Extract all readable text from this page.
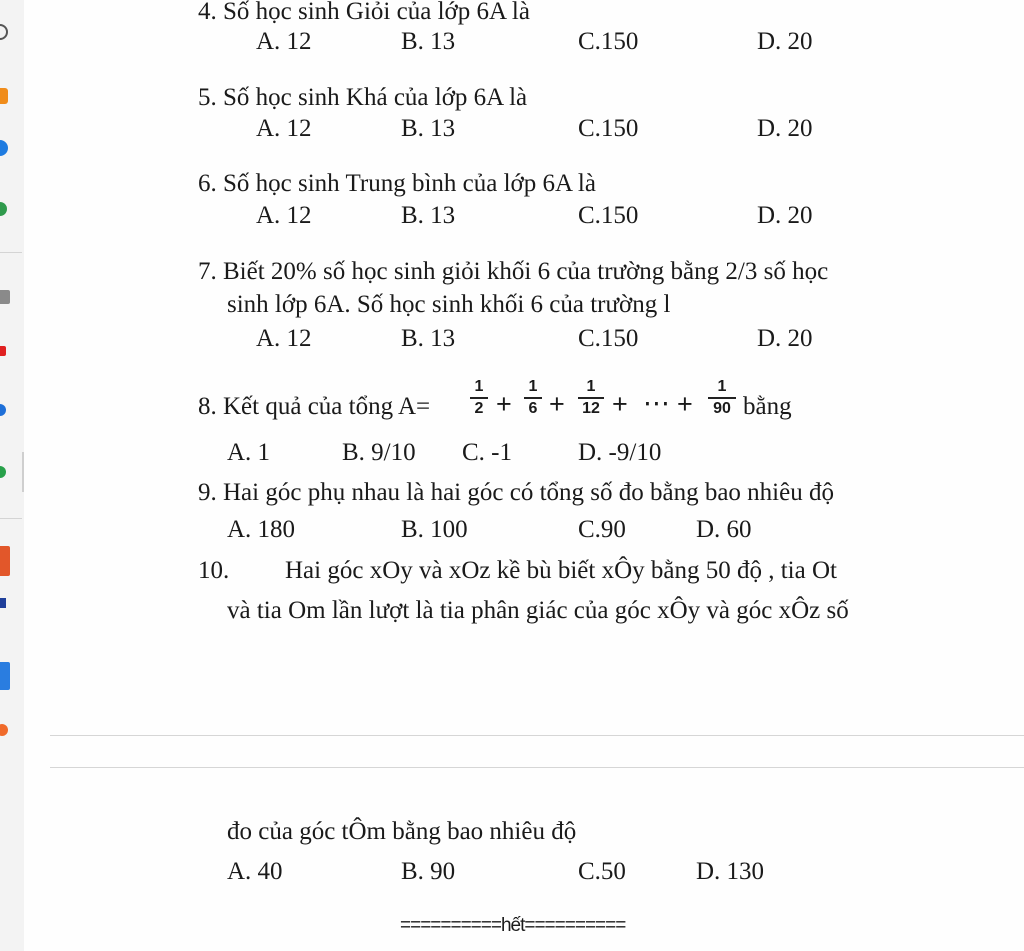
4. Số học sinh Giỏi của lớp 6A là
A. 12	B. 13	C.150	D. 20
5. Số học sinh Khá của lớp 6A là
A. 12	B. 13	C.150	D. 20
6. Số học sinh Trung bình của lớp 6A là
A. 12	B. 13	C.150	D. 20
7. Biết 20% số học sinh giỏi khối 6 của trường bằng 2/3 số học
sinh lớp 6A. Số học sinh khối 6 của trường l
A. 12	B. 13	C.150	D. 20
8. Kết quả của tổng A=
1
2 +
1
6 +
1
12 + ⋯ +
1
90 bằng
A. 1	B. 9/10 C. -1	D. -9/10
9. Hai góc phụ nhau là hai góc có tổng số đo bằng bao nhiêu độ
A. 180	B. 100	C.90	D. 60
10. Hai góc xOy và xOz kề bù biết xÔy bằng 50 độ , tia Ot
và tia Om lần lượt là tia phân giác của góc xÔy và góc xÔz số
đo của góc tÔm bằng bao nhiêu độ
A. 40	B. 90	C.50	D. 130
==========hết==========
